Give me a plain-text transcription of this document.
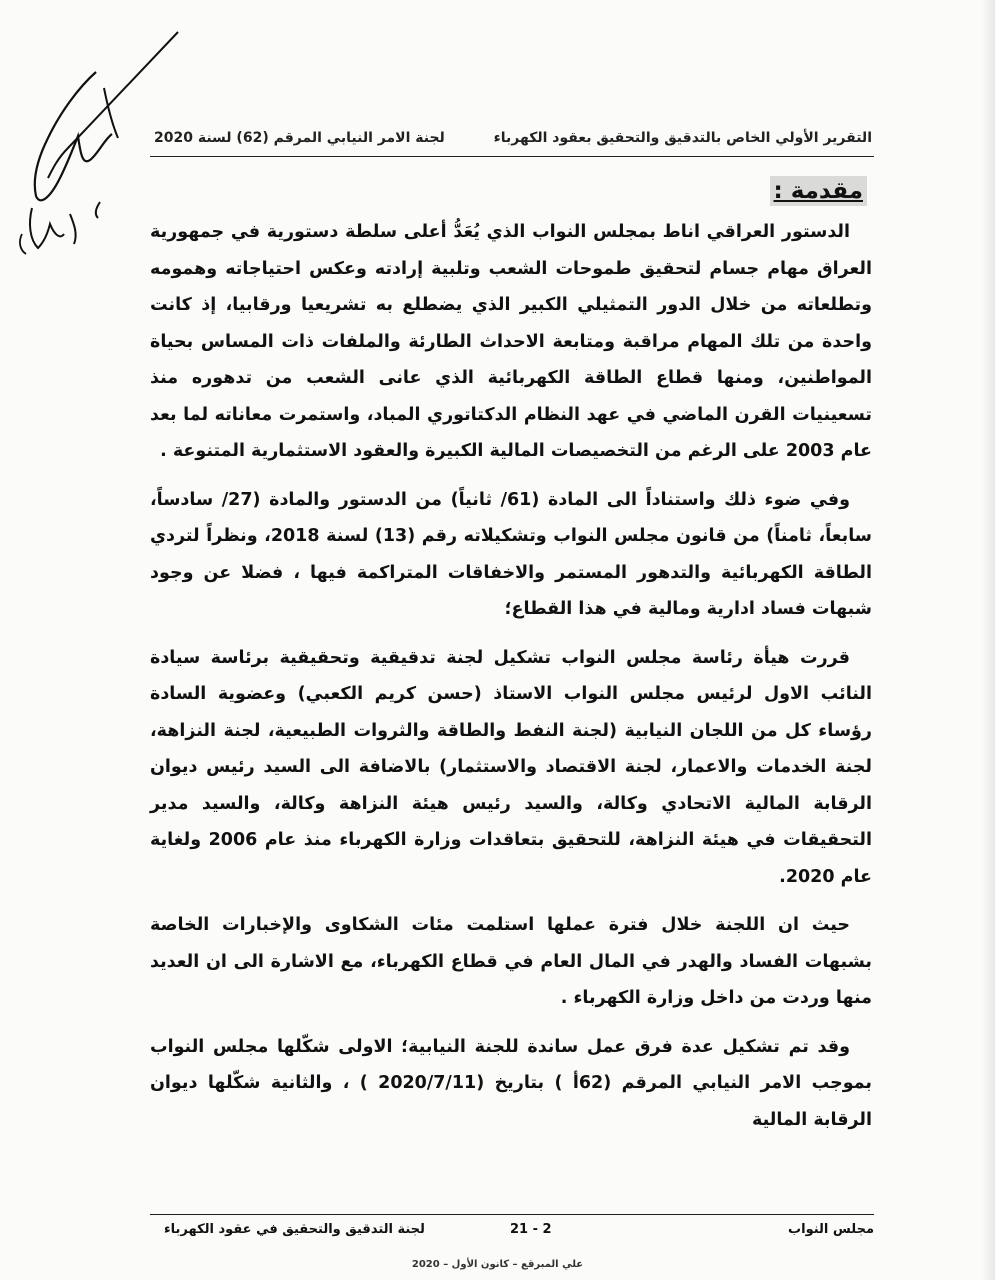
التقرير الأولي الخاص بالتدقيق والتحقيق بعقود الكهرباء
لجنة الامر النيابي المرقم (62) لسنة 2020
مقدمة :

الدستور العراقي اناط بمجلس النواب الذي يُعَدُّ أعلى سلطة دستورية في جمهورية العراق مهام جسام لتحقيق طموحات الشعب وتلبية إرادته وعكس احتياجاته وهمومه وتطلعاته من خلال الدور التمثيلي الكبير الذي يضطلع به تشريعيا ورقابيا، إذ كانت واحدة من تلك المهام مراقبة ومتابعة الاحداث الطارئة والملفات ذات المساس بحياة المواطنين، ومنها قطاع الطاقة الكهربائية الذي عانى الشعب من تدهوره منذ تسعينيات القرن الماضي في عهد النظام الدكتاتوري المباد، واستمرت معاناته لما بعد عام 2003 على الرغم من التخصيصات المالية الكبيرة والعقود الاستثمارية المتنوعة .

وفي ضوء ذلك واستناداً الى المادة (61/ ثانياً) من الدستور والمادة (27/ سادساً، سابعاً، ثامناً) من قانون مجلس النواب وتشكيلاته رقم (13) لسنة 2018، ونظراً لتردي الطاقة الكهربائية والتدهور المستمر والاخفاقات المتراكمة فيها ، فضلا عن وجود شبهات فساد ادارية ومالية في هذا القطاع؛

قررت هيأة رئاسة مجلس النواب تشكيل لجنة تدقيقية وتحقيقية برئاسة سيادة النائب الاول لرئيس مجلس النواب الاستاذ (حسن كريم الكعبي) وعضوية السادة رؤساء كل من اللجان النيابية (لجنة النفط والطاقة والثروات الطبيعية، لجنة النزاهة، لجنة الخدمات والاعمار، لجنة الاقتصاد والاستثمار) بالاضافة الى السيد رئيس ديوان الرقابة المالية الاتحادي وكالة، والسيد رئيس هيئة النزاهة وكالة، والسيد مدير التحقيقات في هيئة النزاهة، للتحقيق بتعاقدات وزارة الكهرباء منذ عام 2006 ولغاية عام 2020.

حيث ان اللجنة خلال فترة عملها استلمت مئات الشكاوى والإخبارات الخاصة بشبهات الفساد والهدر في المال العام في قطاع الكهرباء، مع الاشارة الى ان العديد منها وردت من داخل وزارة الكهرباء .

وقد تم تشكيل عدة فرق عمل ساندة للجنة النيابية؛ الاولى شكّلها مجلس النواب بموجب الامر النيابي المرقم (62أ ) بتاريخ (2020/7/11 ) ، والثانية شكّلها ديوان الرقابة المالية

مجلس النواب
2 - 21
لجنة التدقيق والتحقيق في عقود الكهرباء
علي المبرقع – كانون الأول – 2020
